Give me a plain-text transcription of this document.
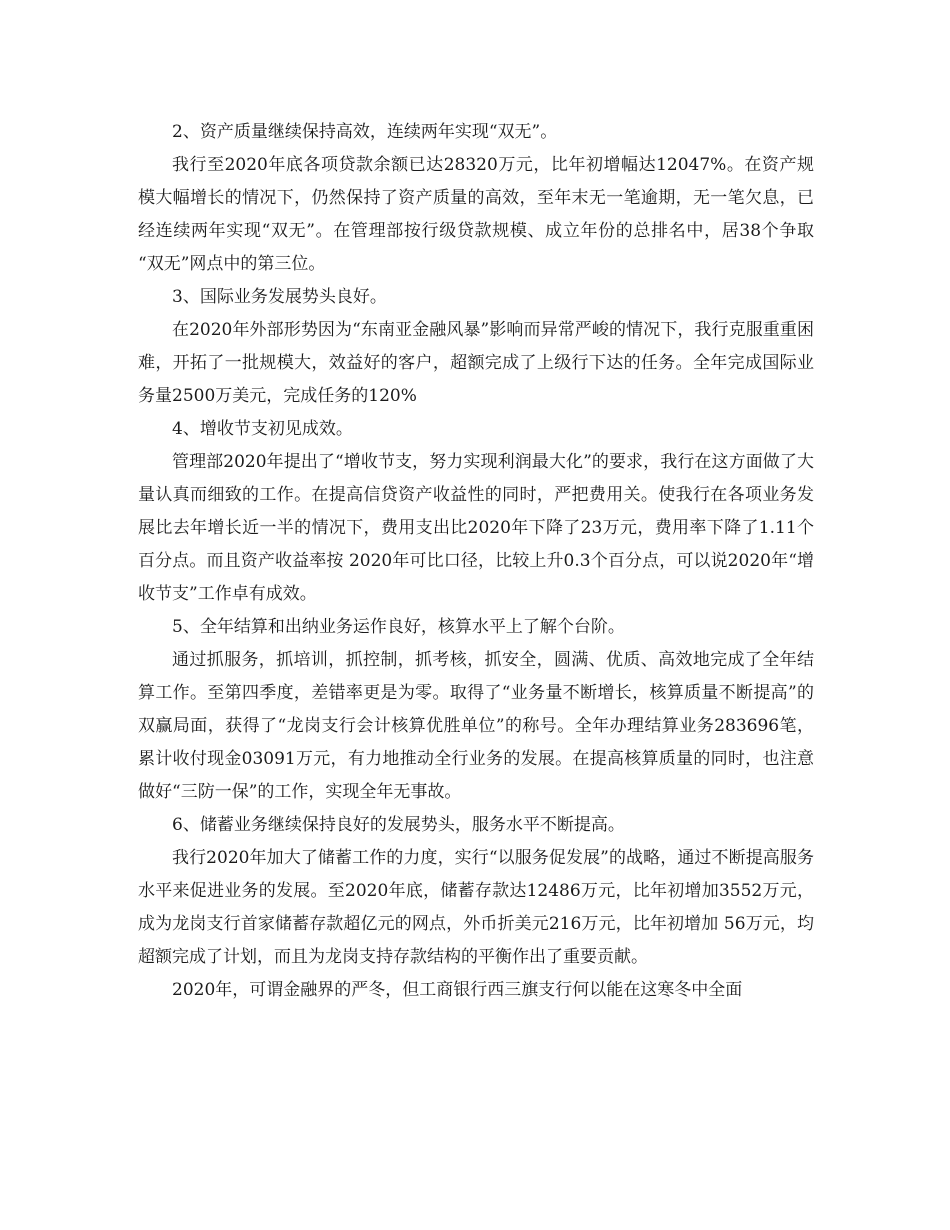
2、资产质量继续保持高效，连续两年实现“双无”。

我行至2020年底各项贷款余额已达28320万元，比年初增幅达12047%。在资产规模大幅增长的情况下，仍然保持了资产质量的高效，至年末无一笔逾期，无一笔欠息，已经连续两年实现“双无”。在管理部按行级贷款规模、成立年份的总排名中，居38个争取 “双无”网点中的第三位。

3、国际业务发展势头良好。

在2020年外部形势因为“东南亚金融风暴”影响而异常严峻的情况下，我行克服重重困难，开拓了一批规模大，效益好的客户，超额完成了上级行下达的任务。全年完成国际业务量2500万美元，完成任务的120%

4、增收节支初见成效。

管理部2020年提出了“增收节支，努力实现利润最大化”的要求，我行在这方面做了大量认真而细致的工作。在提高信贷资产收益性的同时，严把费用关。使我行在各项业务发展比去年增长近一半的情况下，费用支出比2020年下降了23万元，费用率下降了1.11个百分点。而且资产收益率按 2020年可比口径，比较上升0.3个百分点，可以说2020年“增收节支”工作卓有成效。

5、全年结算和出纳业务运作良好，核算水平上了解个台阶。

通过抓服务，抓培训，抓控制，抓考核，抓安全，圆满、优质、高效地完成了全年结算工作。至第四季度，差错率更是为零。取得了“业务量不断增长，核算质量不断提高”的双赢局面，获得了“龙岗支行会计核算优胜单位”的称号。全年办理结算业务283696笔，累计收付现金03091万元，有力地推动全行业务的发展。在提高核算质量的同时，也注意做好“三防一保”的工作，实现全年无事故。

6、储蓄业务继续保持良好的发展势头，服务水平不断提高。

我行2020年加大了储蓄工作的力度，实行“以服务促发展”的战略，通过不断提高服务水平来促进业务的发展。至2020年底，储蓄存款达12486万元，比年初增加3552万元，成为龙岗支行首家储蓄存款超亿元的网点，外币折美元216万元，比年初增加 56万元，均超额完成了计划，而且为龙岗支持存款结构的平衡作出了重要贡献。

2020年，可谓金融界的严冬，但工商银行西三旗支行何以能在这寒冬中全面
